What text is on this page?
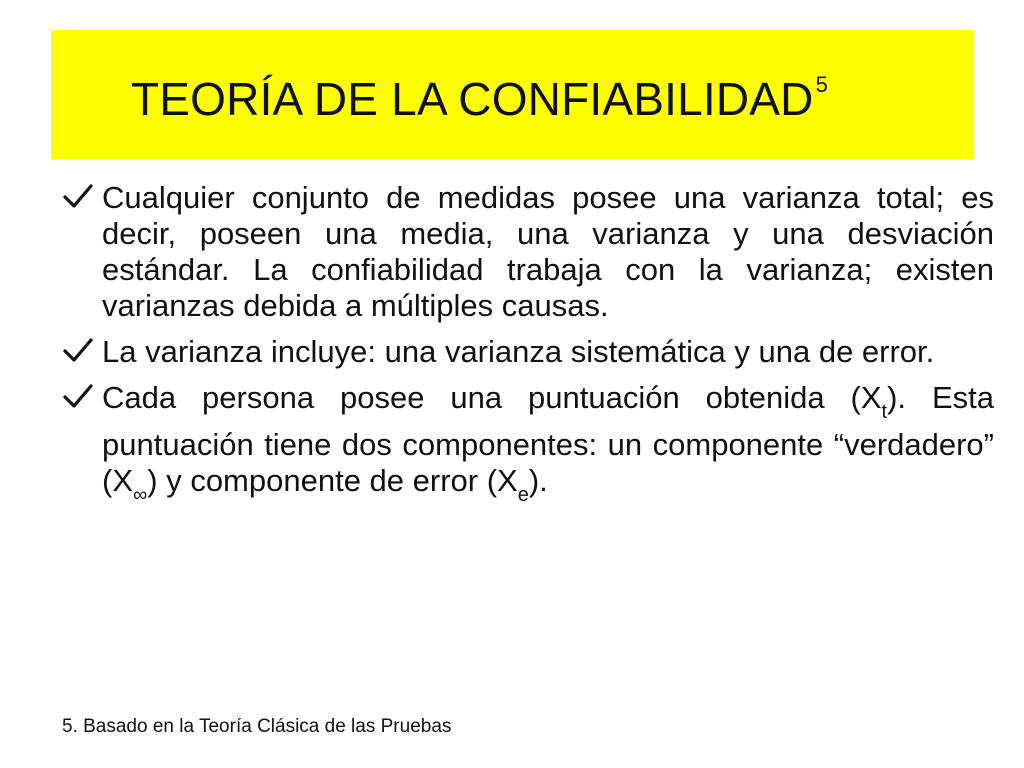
TEORÍA DE LA CONFIABILIDAD$^5$
Cualquier conjunto de medidas posee una varianza total; es decir, poseen una media, una varianza y una desviación estándar. La confiabilidad trabaja con la varianza; existen varianzas debida a múltiples causas.
La varianza incluye: una varianza sistemática y una de error.
Cada persona posee una puntuación obtenida $(X_t)$. Esta puntuación tiene dos componentes: un componente “verdadero” $(X_\infty)$ y componente de error $(X_e)$.
5. Basado en la Teoría Clásica de las Pruebas
